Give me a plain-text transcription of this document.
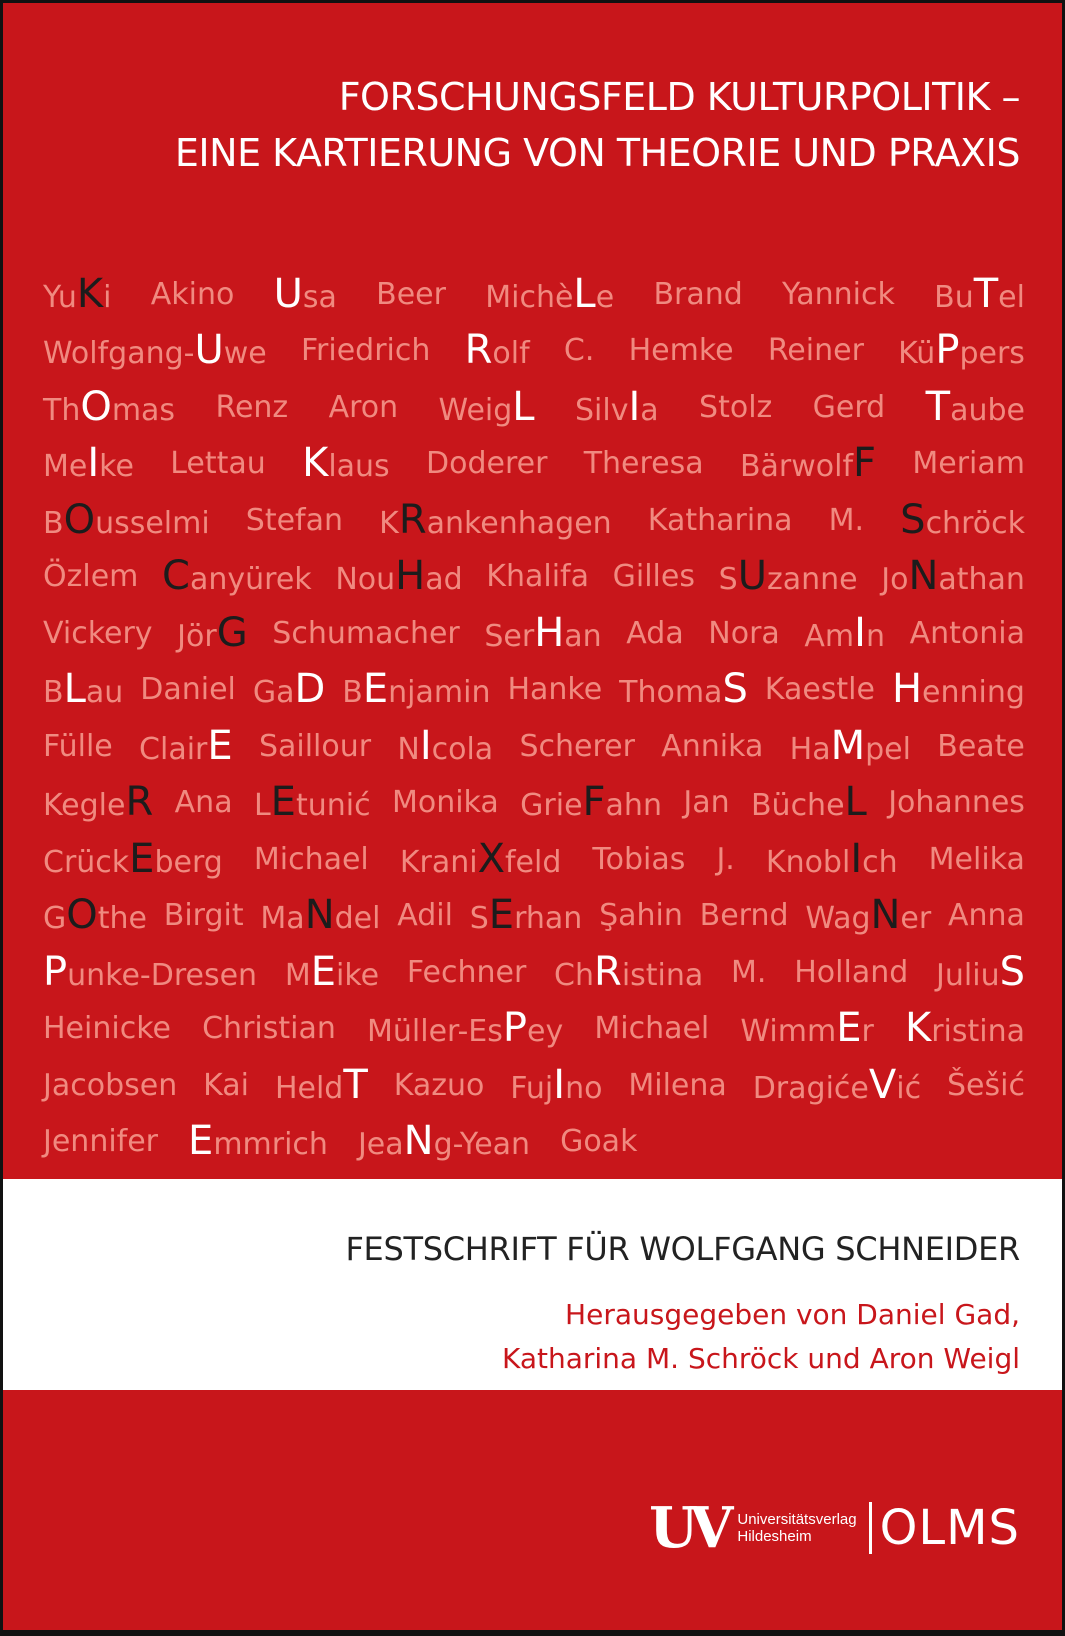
FORSCHUNGSFELD KULTURPOLITIK –
EINE KARTIERUNG VON THEORIE UND PRAXIS
YuKi Akino Usa Beer MichèLe Brand Yannick BuTel
Wolfgang-Uwe Friedrich Rolf C. Hemke Reiner KüPpers
ThOmas Renz Aron WeigL SilvIa Stolz Gerd Taube
MeIke Lettau Klaus Doderer Theresa BärwolfF Meriam
BOusselmi Stefan KRankenhagen Katharina M. Schröck
Özlem Canyürek NouHad Khalifa Gilles SUzanne JoNathan
Vickery JörG Schumacher SerHan Ada Nora AmIn Antonia
BLau Daniel GaD BEnjamin Hanke ThomaS Kaestle Henning
Fülle ClairE Saillour NIcola Scherer Annika HaMpel Beate
KegleR Ana LEtunić Monika GrieFahn Jan BücheL Johannes
CrückEberg Michael KraniXfeld Tobias J. KnoblIch Melika
GOthe Birgit MaNdel Adil SErhan Şahin Bernd WagNer Anna
Punke-Dresen MEike Fechner ChRistina M. Holland JuliuS
Heinicke Christian Müller-EsPey Michael WimmEr Kristina
Jacobsen Kai HeldT Kazuo FujIno Milena DragićeVić Šešić
Jennifer Emmrich JeaNg-Yean Goak
FESTSCHRIFT FÜR WOLFGANG SCHNEIDER
Herausgegeben von Daniel Gad,
Katharina M. Schröck und Aron Weigl
UV Universitätsverlag
Hildesheim	OLMS
